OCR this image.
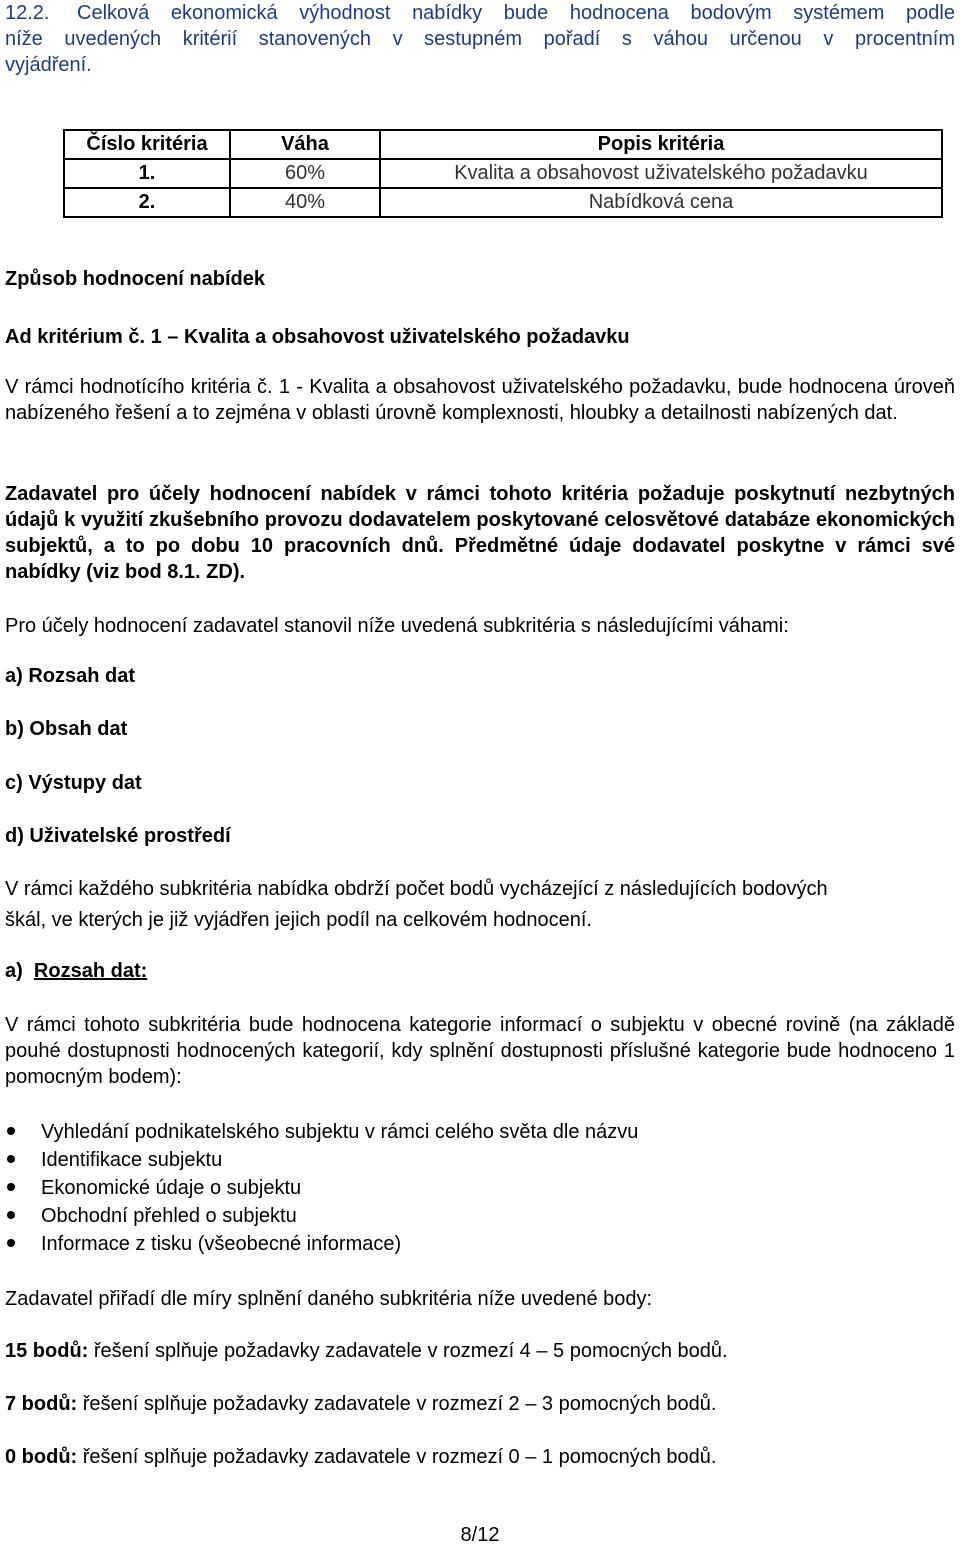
12.2. Celková ekonomická výhodnost nabídky bude hodnocena bodovým systémem podle
níže uvedených kritérií stanovených v sestupném pořadí s váhou určenou v procentním
vyjádření.
Číslo kritéria	Váha	Popis kritéria
1.	60%	Kvalita a obsahovost uživatelského požadavku
2.	40%	Nabídková cena
Způsob hodnocení nabídek
Ad kritérium č. 1 – Kvalita a obsahovost uživatelského požadavku
V rámci hodnotícího kritéria č. 1 - Kvalita a obsahovost uživatelského požadavku, bude hodnocena úroveň nabízeného řešení a to zejména v oblasti úrovně komplexnosti, hloubky a detailnosti nabízených dat.
Zadavatel pro účely hodnocení nabídek v rámci tohoto kritéria požaduje poskytnutí nezbytných údajů k využití zkušebního provozu dodavatelem poskytované celosvětové databáze ekonomických subjektů, a to po dobu 10 pracovních dnů. Předmětné údaje dodavatel poskytne v rámci své nabídky (viz bod 8.1. ZD).
Pro účely hodnocení zadavatel stanovil níže uvedená subkritéria s následujícími váhami:
a) Rozsah dat
b) Obsah dat
c) Výstupy dat
d) Uživatelské prostředí
V rámci každého subkritéria nabídka obdrží počet bodů vycházející z následujících bodových
škál, ve kterých je již vyjádřen jejich podíl na celkovém hodnocení.
a) Rozsah dat:
V rámci tohoto subkritéria bude hodnocena kategorie informací o subjektu v obecné rovině (na základě pouhé dostupnosti hodnocených kategorií, kdy splnění dostupnosti příslušné kategorie bude hodnoceno 1 pomocným bodem):
Vyhledání podnikatelského subjektu v rámci celého světa dle názvu
Identifikace subjektu
Ekonomické údaje o subjektu
Obchodní přehled o subjektu
Informace z tisku (všeobecné informace)
Zadavatel přiřadí dle míry splnění daného subkritéria níže uvedené body:
15 bodů: řešení splňuje požadavky zadavatele v rozmezí 4 – 5 pomocných bodů.
7 bodů: řešení splňuje požadavky zadavatele v rozmezí 2 – 3 pomocných bodů.
0 bodů: řešení splňuje požadavky zadavatele v rozmezí 0 – 1 pomocných bodů.
8/12
